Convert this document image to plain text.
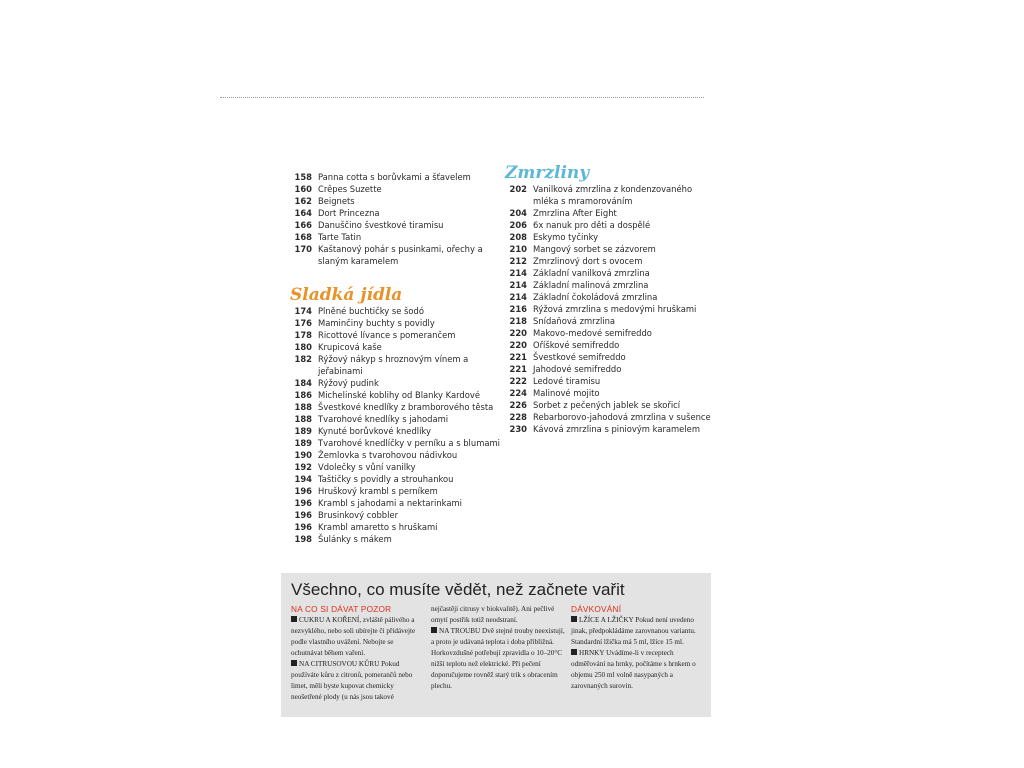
158 Panna cotta s borůvkami a šťavelem
160 Crêpes Suzette
162 Beignets
164 Dort Princezna
166 Danuščino švestkové tiramisu
168 Tarte Tatin
170 Kaštanový pohár s pusinkami, ořechy a slaným karamelem
Sladká jídla
174 Plněné buchtičky se šodó
176 Maminčiny buchty s povidly
178 Ricottové lívance s pomerančem
180 Krupicová kaše
182 Rýžový nákyp s hroznovým vínem a jeřabinami
184 Rýžový pudink
186 Michelinské koblihy od Blanky Kardové
188 Švestkové knedlíky z bramborového těsta
188 Tvarohové knedlíky s jahodami
189 Kynuté borůvkové knedlíky
189 Tvarohové knedlíčky v perníku a s blumami
190 Žemlovka s tvarohovou nádivkou
192 Vdolečky s vůní vanilky
194 Taštičky s povidly a strouhankou
196 Hruškový krambl s perníkem
196 Krambl s jahodami a nektarinkami
196 Brusinkový cobbler
196 Krambl amaretto s hruškami
198 Šulánky s mákem
Zmrzliny
202 Vanilková zmrzlina z kondenzovaného mléka s mramorováním
204 Zmrzlina After Eight
206 6x nanuk pro děti a dospělé
208 Eskymo tyčinky
210 Mangový sorbet se zázvorem
212 Zmrzlinový dort s ovocem
214 Základní vanilková zmrzlina
214 Základní malinová zmrzlina
214 Základní čokoládová zmrzlina
216 Rýžová zmrzlina s medovými hruškami
218 Snídaňová zmrzlina
220 Makovo-medové semifreddo
220 Oříškové semifreddo
221 Švestkové semifreddo
221 Jahodové semifreddo
222 Ledové tiramisu
224 Malinové mojito
226 Sorbet z pečených jablek se skořicí
228 Rebarborovo-jahodová zmrzlina v sušence
230 Kávová zmrzlina s piniovým karamelem
Všechno, co musíte vědět, než začnete vařit
NA CO SI DÁVAT POZOR

CUKRU A KOŘENÍ, zvláště pálivého a nezvyklého, nebo soli ubírejte či přidávejte podle vlastního uvážení. Nebojte se ochutnávat během vaření.

NA CITRUSOVOU KŮRU Pokud používáte kůru z citronů, pomerančů nebo limet, měli byste kupovat chemicky neošetřené plody (u nás jsou takové

nejčastěji citrusy v biokvalitě). Ani pečlivé omytí postřik totiž neodstraní.

NA TROUBU Dvě stejné trouby neexistují, a proto je udávaná teplota i doba přibližná. Horkovzdušné potřebují zpravidla o 10–20°C nižší teplotu než elektrické. Při pečení doporučujeme rovněž starý trik s obracením plechu.

DÁVKOVÁNÍ

LŽÍCE A LŽIČKY Pokud není uvedeno jinak, předpokládáme zarovnanou variantu. Standardní lžička má 5 ml, lžíce 15 ml.

HRNKY Uvádíme-li v receptech odměřování na hrnky, počítáme s hrnkem o objemu 250 ml volně nasypaných a zarovnaných surovin.
